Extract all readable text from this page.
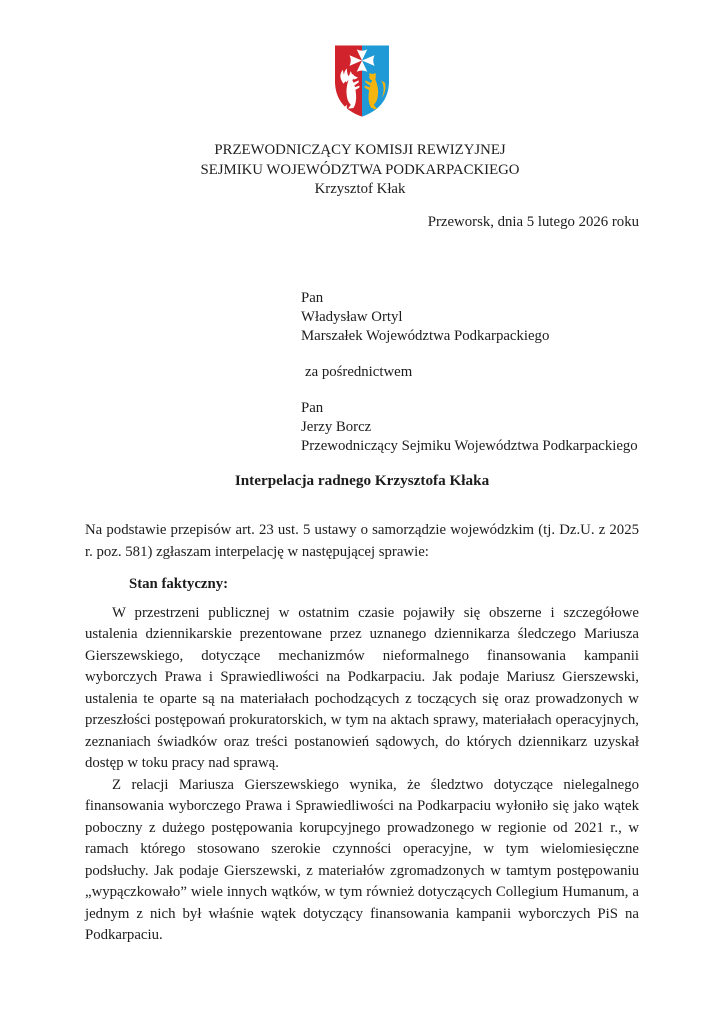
PRZEWODNICZĄCY KOMISJI REWIZYJNEJ
SEJMIKU WOJEWÓDZTWA PODKARPACKIEGO
Krzysztof Kłak
Przeworsk, dnia 5 lutego 2026 roku
Pan
Władysław Ortyl
Marszałek Województwa Podkarpackiego
za pośrednictwem
Pan
Jerzy Borcz
Przewodniczący Sejmiku Województwa Podkarpackiego
Interpelacja radnego Krzysztofa Kłaka

Na podstawie przepisów art. 23 ust. 5 ustawy o samorządzie wojewódzkim (tj. Dz.U. z 2025 r. poz. 581) zgłaszam interpelację w następującej sprawie:

Stan faktyczny:

W przestrzeni publicznej w ostatnim czasie pojawiły się obszerne i szczegółowe ustalenia dziennikarskie prezentowane przez uznanego dziennikarza śledczego Mariusza Gierszewskiego, dotyczące mechanizmów nieformalnego finansowania kampanii wyborczych Prawa i Sprawiedliwości na Podkarpaciu. Jak podaje Mariusz Gierszewski, ustalenia te oparte są na materiałach pochodzących z toczących się oraz prowadzonych w przeszłości postępowań prokuratorskich, w tym na aktach sprawy, materiałach operacyjnych, zeznaniach świadków oraz treści postanowień sądowych, do których dziennikarz uzyskał dostęp w toku pracy nad sprawą.

Z relacji Mariusza Gierszewskiego wynika, że śledztwo dotyczące nielegalnego finansowania wyborczego Prawa i Sprawiedliwości na Podkarpaciu wyłoniło się jako wątek poboczny z dużego postępowania korupcyjnego prowadzonego w regionie od 2021 r., w ramach którego stosowano szerokie czynności operacyjne, w tym wielomiesięczne podsłuchy. Jak podaje Gierszewski, z materiałów zgromadzonych w tamtym postępowaniu „wypączkowało” wiele innych wątków, w tym również dotyczących Collegium Humanum, a jednym z nich był właśnie wątek dotyczący finansowania kampanii wyborczych PiS na Podkarpaciu.
